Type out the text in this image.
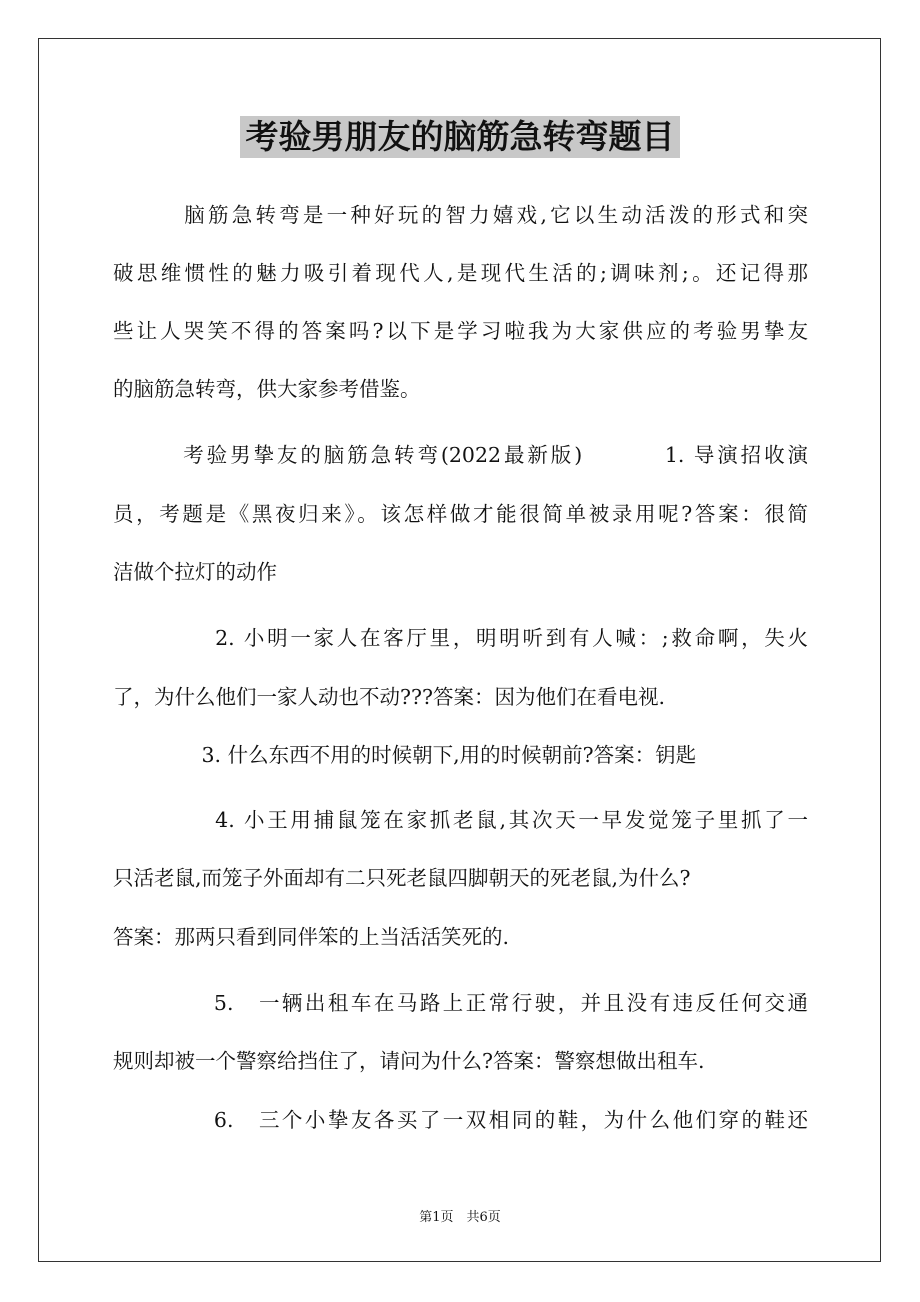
考验男朋友的脑筋急转弯题目
　　　脑筋急转弯是一种好玩的智力嬉戏,它以生动活泼的形式和突
破思维惯性的魅力吸引着现代人,是现代生活的;调味剂;。还记得那
些让人哭笑不得的答案吗?以下是学习啦我为大家供应的考验男挚友
的脑筋急转弯，供大家参考借鉴。
　　　考验男挚友的脑筋急转弯(2022最新版)　　　 1. 导演招收演
员，考题是《黑夜归来》。该怎样做才能很简单被录用呢?答案：很简
洁做个拉灯的动作
　　　　 2. 小明一家人在客厅里，明明听到有人喊：;救命啊，失火
了，为什么他们一家人动也不动???答案：因为他们在看电视.
　　　　 3. 什么东西不用的时候朝下,用的时候朝前?答案：钥匙
　　　　 4. 小王用捕鼠笼在家抓老鼠,其次天一早发觉笼子里抓了一
只活老鼠,而笼子外面却有二只死老鼠四脚朝天的死老鼠,为什么?
答案：那两只看到同伴笨的上当活活笑死的.
　　　　 5.　一辆出租车在马路上正常行驶，并且没有违反任何交通
规则却被一个警察给挡住了，请问为什么?答案：警察想做出租车.
　　　　 6.　三个小挚友各买了一双相同的鞋，为什么他们穿的鞋还
第1页　共6页
